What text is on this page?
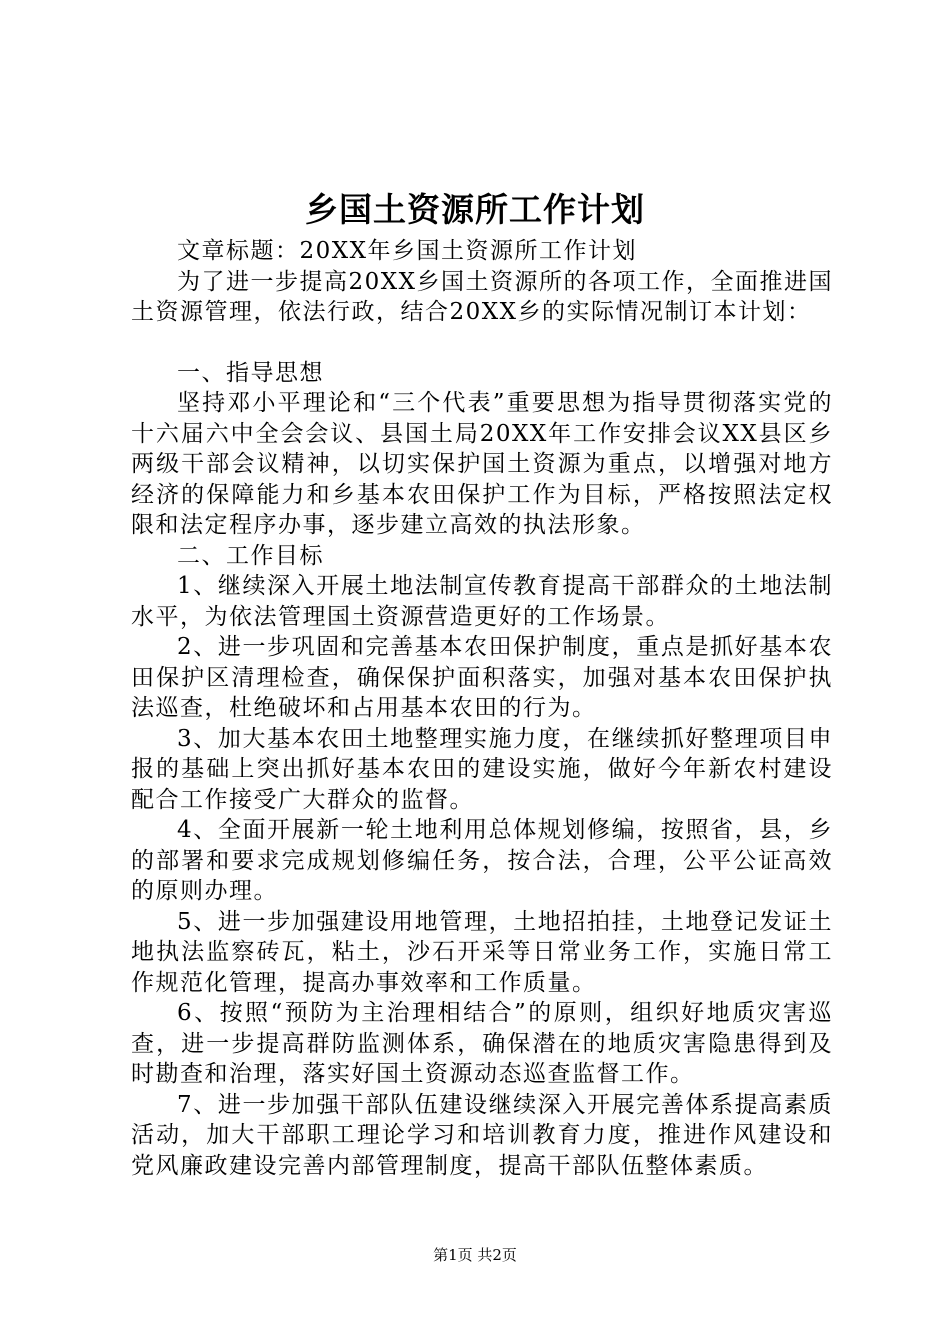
乡国土资源所工作计划

文章标题：20XX年乡国土资源所工作计划

为了进一步提高20XX乡国土资源所的各项工作，全面推进国土资源管理，依法行政，结合20XX乡的实际情况制订本计划：

一、指导思想

坚持邓小平理论和“三个代表”重要思想为指导贯彻落实党的十六届六中全会会议、县国土局20XX年工作安排会议XX县区乡两级干部会议精神，以切实保护国土资源为重点，以增强对地方经济的保障能力和乡基本农田保护工作为目标，严格按照法定权限和法定程序办事，逐步建立高效的执法形象。

二、工作目标

1、继续深入开展土地法制宣传教育提高干部群众的土地法制水平，为依法管理国土资源营造更好的工作场景。

2、进一步巩固和完善基本农田保护制度，重点是抓好基本农田保护区清理检查，确保保护面积落实，加强对基本农田保护执法巡查，杜绝破坏和占用基本农田的行为。

3、加大基本农田土地整理实施力度，在继续抓好整理项目申报的基础上突出抓好基本农田的建设实施，做好今年新农村建设配合工作接受广大群众的监督。

4、全面开展新一轮土地利用总体规划修编，按照省，县，乡的部署和要求完成规划修编任务，按合法，合理，公平公证高效的原则办理。

5、进一步加强建设用地管理，土地招拍挂，土地登记发证土地执法监察砖瓦，粘土，沙石开采等日常业务工作，实施日常工作规范化管理，提高办事效率和工作质量。

6、按照“预防为主治理相结合”的原则，组织好地质灾害巡查，进一步提高群防监测体系，确保潜在的地质灾害隐患得到及时勘查和治理，落实好国土资源动态巡查监督工作。

7、进一步加强干部队伍建设继续深入开展完善体系提高素质活动，加大干部职工理论学习和培训教育力度，推进作风建设和党风廉政建设完善内部管理制度，提高干部队伍整体素质。

第1页 共2页
